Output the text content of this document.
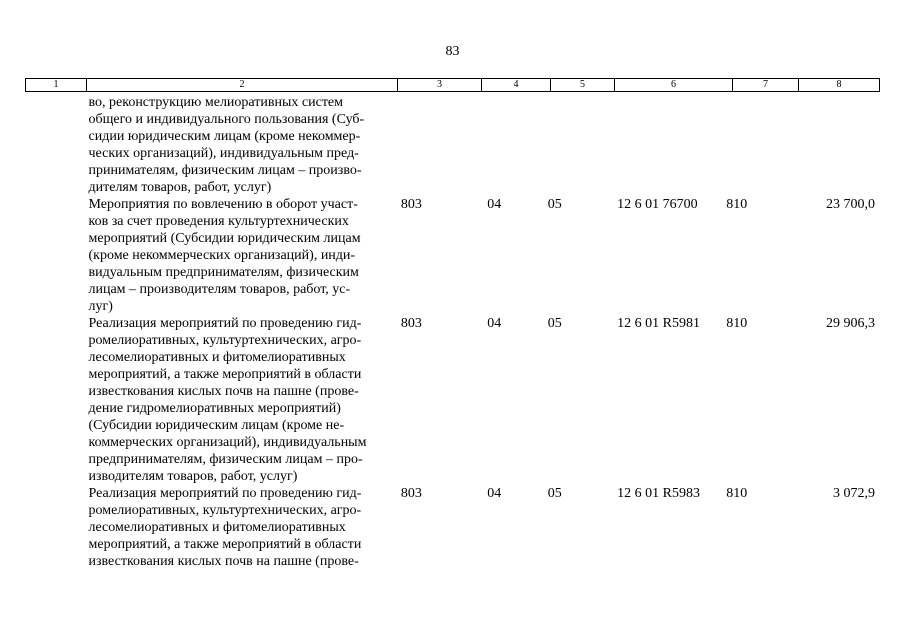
83
1	2	3	4	5	6	7	8
во, реконструкцию мелиоративных систем
общего и индивидуального пользования (Суб-
сидии юридическим лицам (кроме некоммер-
ческих организаций), индивидуальным пред-
принимателям, физическим лицам – произво-
дителям товаров, работ, услуг)
Мероприятия по вовлечению в оборот участ-
ков за счет проведения культуртехнических
мероприятий (Субсидии юридическим лицам
(кроме некоммерческих организаций), инди-
видуальным предпринимателям, физическим
лицам – производителям товаров, работ, ус-
луг)
803	04	05	12 6 01 76700	810	23 700,0
Реализация мероприятий по проведению гид-
ромелиоративных, культуртехнических, агро-
лесомелиоративных и фитомелиоративных
мероприятий, а также мероприятий в области
известкования кислых почв на пашне (прове-
дение гидромелиоративных мероприятий)
(Субсидии юридическим лицам (кроме не-
коммерческих организаций), индивидуальным
предпринимателям, физическим лицам – про-
изводителям товаров, работ, услуг)
803	04	05	12 6 01 R5981	810	29 906,3
Реализация мероприятий по проведению гид-
ромелиоративных, культуртехнических, агро-
лесомелиоративных и фитомелиоративных
мероприятий, а также мероприятий в области
известкования кислых почв на пашне (прове-
803	04	05	12 6 01 R5983	810	3 072,9
